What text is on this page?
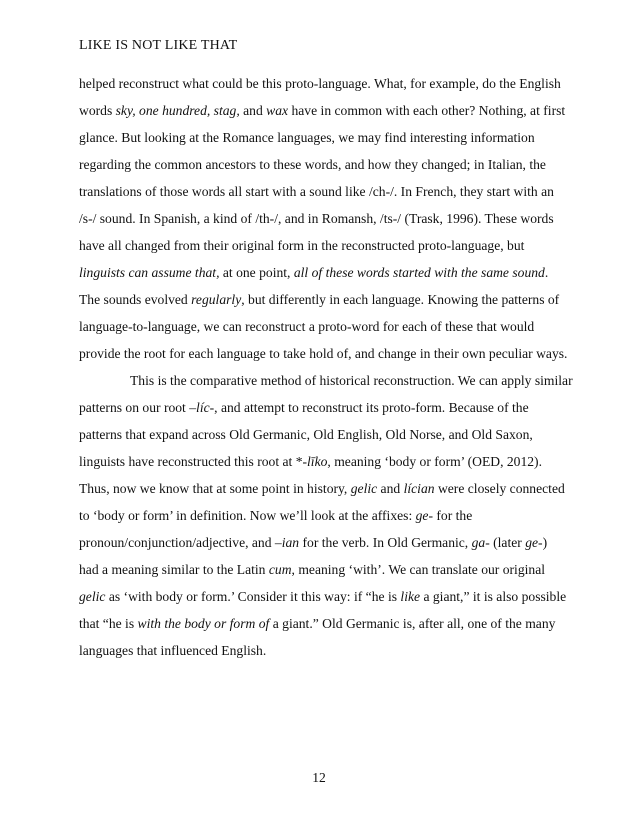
LIKE IS NOT LIKE THAT
helped reconstruct what could be this proto-language. What, for example, do the English
words sky, one hundred, stag, and wax have in common with each other? Nothing, at first
glance. But looking at the Romance languages, we may find interesting information
regarding the common ancestors to these words, and how they changed; in Italian, the
translations of those words all start with a sound like /ch-/. In French, they start with an
/s-/ sound. In Spanish, a kind of /th-/, and in Romansh, /ts-/ (Trask, 1996). These words
have all changed from their original form in the reconstructed proto-language, but
linguists can assume that, at one point, all of these words started with the same sound.
The sounds evolved regularly, but differently in each language. Knowing the patterns of
language-to-language, we can reconstruct a proto-word for each of these that would
provide the root for each language to take hold of, and change in their own peculiar ways.
This is the comparative method of historical reconstruction. We can apply similar
patterns on our root –líc-, and attempt to reconstruct its proto-form. Because of the
patterns that expand across Old Germanic, Old English, Old Norse, and Old Saxon,
linguists have reconstructed this root at *-līko, meaning ‘body or form’ (OED, 2012).
Thus, now we know that at some point in history, gelic and lícian were closely connected
to ‘body or form’ in definition. Now we’ll look at the affixes: ge- for the
pronoun/conjunction/adjective, and –ian for the verb. In Old Germanic, ga- (later ge-)
had a meaning similar to the Latin cum, meaning ‘with’. We can translate our original
gelic as ‘with body or form.’ Consider it this way: if “he is like a giant,” it is also possible
that “he is with the body or form of a giant.” Old Germanic is, after all, one of the many
languages that influenced English.
12
